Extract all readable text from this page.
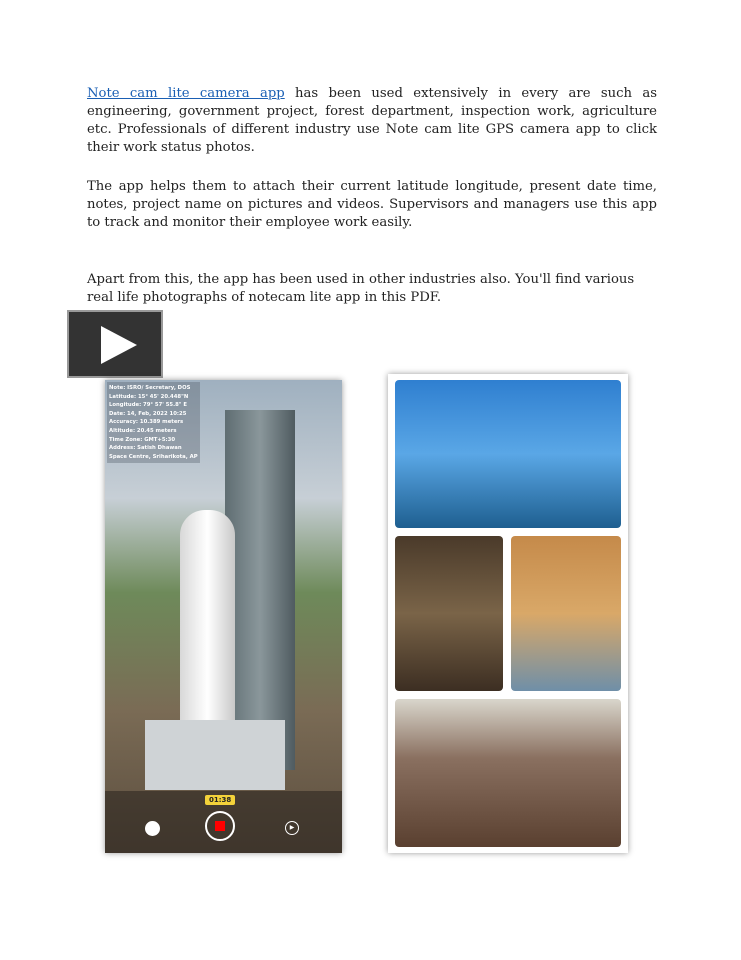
Note cam lite camera app has been used extensively in every are such as engineering, government project, forest department, inspection work, agriculture etc. Professionals of different industry use Note cam lite GPS camera app to click their work status photos.

The app helps them to attach their current latitude longitude, present date time, notes, project name on pictures and videos. Supervisors and managers use this app to track and monitor their employee work easily.

Apart from this, the app has been used in other industries also. You'll find various real life photographs of notecam lite app in this PDF.

Note: ISRO/ Secretary, DOS
Latitude: 15° 45' 20.448"N
Longitude: 79° 57' 55.8" E
Date: 14, Feb, 2022 10:25
Accuracy: 10.389 meters
Altitude: 20.45 meters
Time Zone: GMT+5:30
Address: Satish Dhawan
Space Centre, Sriharikota, AP
01:38
▶
